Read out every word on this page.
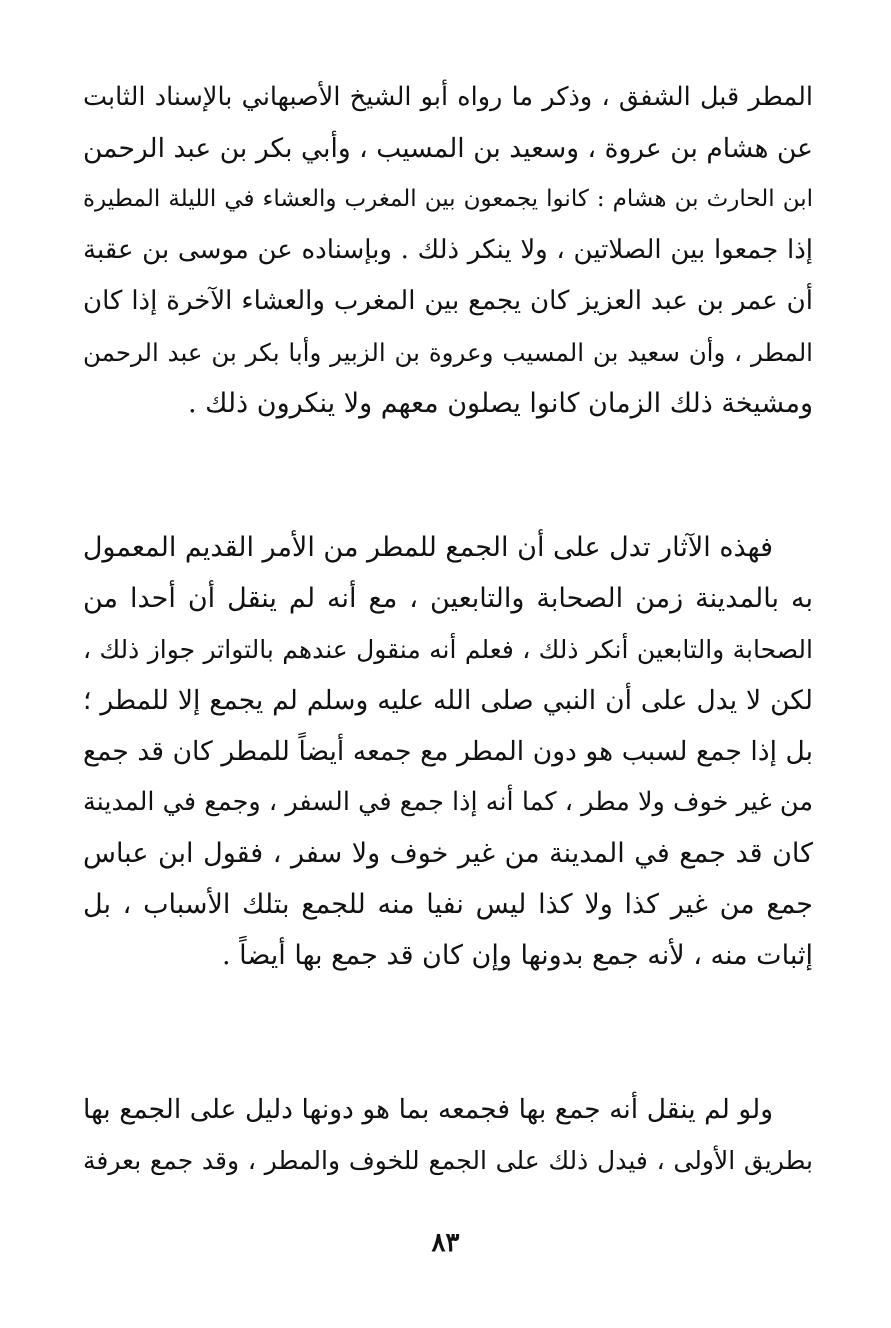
المطر قبل الشفق ، وذكر ما رواه أبو الشيخ الأصبهاني بالإسناد الثابت
عن هشام بن عروة ، وسعيد بن المسيب ، وأبي بكر بن عبد الرحمن
ابن الحارث بن هشام : كانوا يجمعون بين المغرب والعشاء في الليلة المطيرة
إذا جمعوا بين الصلاتين ، ولا ينكر ذلك . وبإسناده عن موسى بن عقبة
أن عمر بن عبد العزيز كان يجمع بين المغرب والعشاء الآخرة إذا كان
المطر ، وأن سعيد بن المسيب وعروة بن الزبير وأبا بكر بن عبد الرحمن
ومشيخة ذلك الزمان كانوا يصلون معهم ولا ينكرون ذلك .
فهذه الآثار تدل على أن الجمع للمطر من الأمر القديم المعمول
به بالمدينة زمن الصحابة والتابعين ، مع أنه لم ينقل أن أحدا من
الصحابة والتابعين أنكر ذلك ، فعلم أنه منقول عندهم بالتواتر جواز ذلك ،
لكن لا يدل على أن النبي صلى الله عليه وسلم لم يجمع إلا للمطر ؛
بل إذا جمع لسبب هو دون المطر مع جمعه أيضاً للمطر كان قد جمع
من غير خوف ولا مطر ، كما أنه إذا جمع في السفر ، وجمع في المدينة
كان قد جمع في المدينة من غير خوف ولا سفر ، فقول ابن عباس
جمع من غير كذا ولا كذا ليس نفيا منه للجمع بتلك الأسباب ، بل
إثبات منه ، لأنه جمع بدونها وإن كان قد جمع بها أيضاً .
ولو لم ينقل أنه جمع بها فجمعه بما هو دونها دليل على الجمع بها
بطريق الأولى ، فيدل ذلك على الجمع للخوف والمطر ، وقد جمع بعرفة
٨٣
